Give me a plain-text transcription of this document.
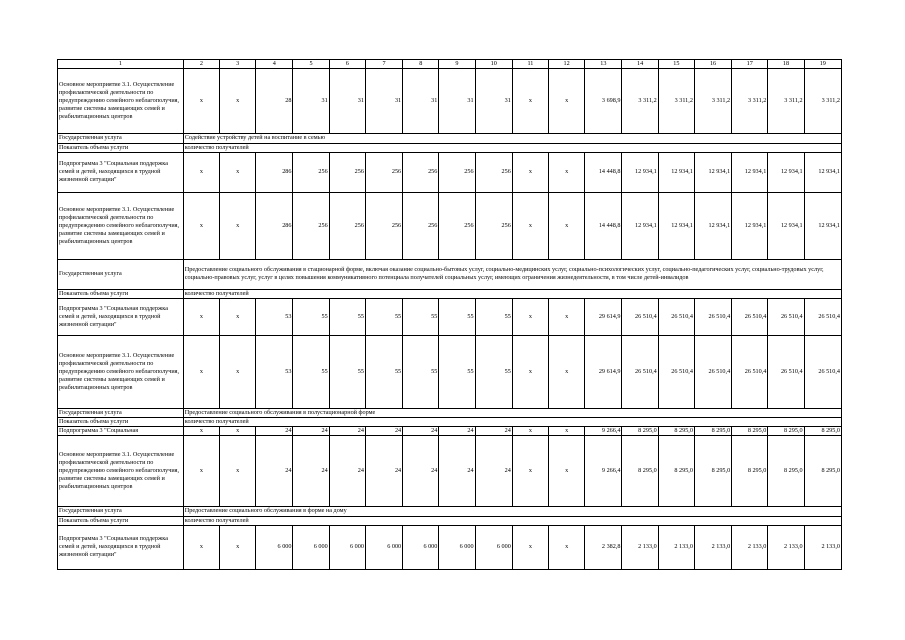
1	2	3	4	5	6	7	8	9	10	11	12	13	14	15	16	17	18	19
Основное мероприятие 3.1. Осуществление профилактической деятельности по предупреждению семейного неблагополучия, развитие системы замещающих семей и реабилитационных центров	x	x	28	31	31	31	31	31	31	x	x	3 698,9	3 311,2	3 311,2	3 311,2	3 311,2	3 311,2	3 311,2
Государственная услуга	Содействие устройству детей на воспитание в семью																	
Показатель объема услуги	количество получателей																	
Подпрограмма 3 "Социальная поддержка семей и детей, находящихся в трудной жизненной ситуации"	x	x	286	256	256	256	256	256	256	x	x	14 448,8	12 934,1	12 934,1	12 934,1	12 934,1	12 934,1	12 934,1
Основное мероприятие 3.1. Осуществление профилактической деятельности по предупреждению семейного неблагополучия, развитие системы замещающих семей и реабилитационных центров	x	x	286	256	256	256	256	256	256	x	x	14 448,8	12 934,1	12 934,1	12 934,1	12 934,1	12 934,1	12 934,1
Государственная услуга	Предоставление социального обслуживания в стационарной форме, включая оказание социально-бытовых услуг, социально-медицинских услуг, социально-психологических услуг, социально-педагогических услуг, социально-трудовых услуг, социально-правовых услуг, услуг в целях повышения коммуникативного потенциала получателей социальных услуг, имеющих ограничения жизнедеятельности, в том числе детей-инвалидов																	
Показатель объема услуги	количество получателей																	
Подпрограмма 3 "Социальная поддержка семей и детей, находящихся в трудной жизненной ситуации"	x	x	53	55	55	55	55	55	55	x	x	29 614,9	26 510,4	26 510,4	26 510,4	26 510,4	26 510,4	26 510,4
Основное мероприятие 3.1. Осуществление профилактической деятельности по предупреждению семейного неблагополучия, развитие системы замещающих семей и реабилитационных центров	x	x	53	55	55	55	55	55	55	x	x	29 614,9	26 510,4	26 510,4	26 510,4	26 510,4	26 510,4	26 510,4
Государственная услуга	Предоставление социального обслуживания в полустационарной форме																	
Показатель объема услуги	количество получателей																	
Подпрограмма 3 "Социальная	x	x	24	24	24	24	24	24	24	x	x	9 266,4	8 295,0	8 295,0	8 295,0	8 295,0	8 295,0	8 295,0
Основное мероприятие 3.1. Осуществление профилактической деятельности по предупреждению семейного неблагополучия, развитие системы замещающих семей и реабилитационных центров	x	x	24	24	24	24	24	24	24	x	x	9 266,4	8 295,0	8 295,0	8 295,0	8 295,0	8 295,0	8 295,0
Государственная услуга	Предоставление социального обслуживания в форме на дому																	
Показатель объема услуги	количество получателей																	
Подпрограмма 3 "Социальная поддержка семей и детей, находящихся в трудной жизненной ситуации"	x	x	6 000	6 000	6 000	6 000	6 000	6 000	6 000	x	x	2 382,8	2 133,0	2 133,0	2 133,0	2 133,0	2 133,0	2 133,0
